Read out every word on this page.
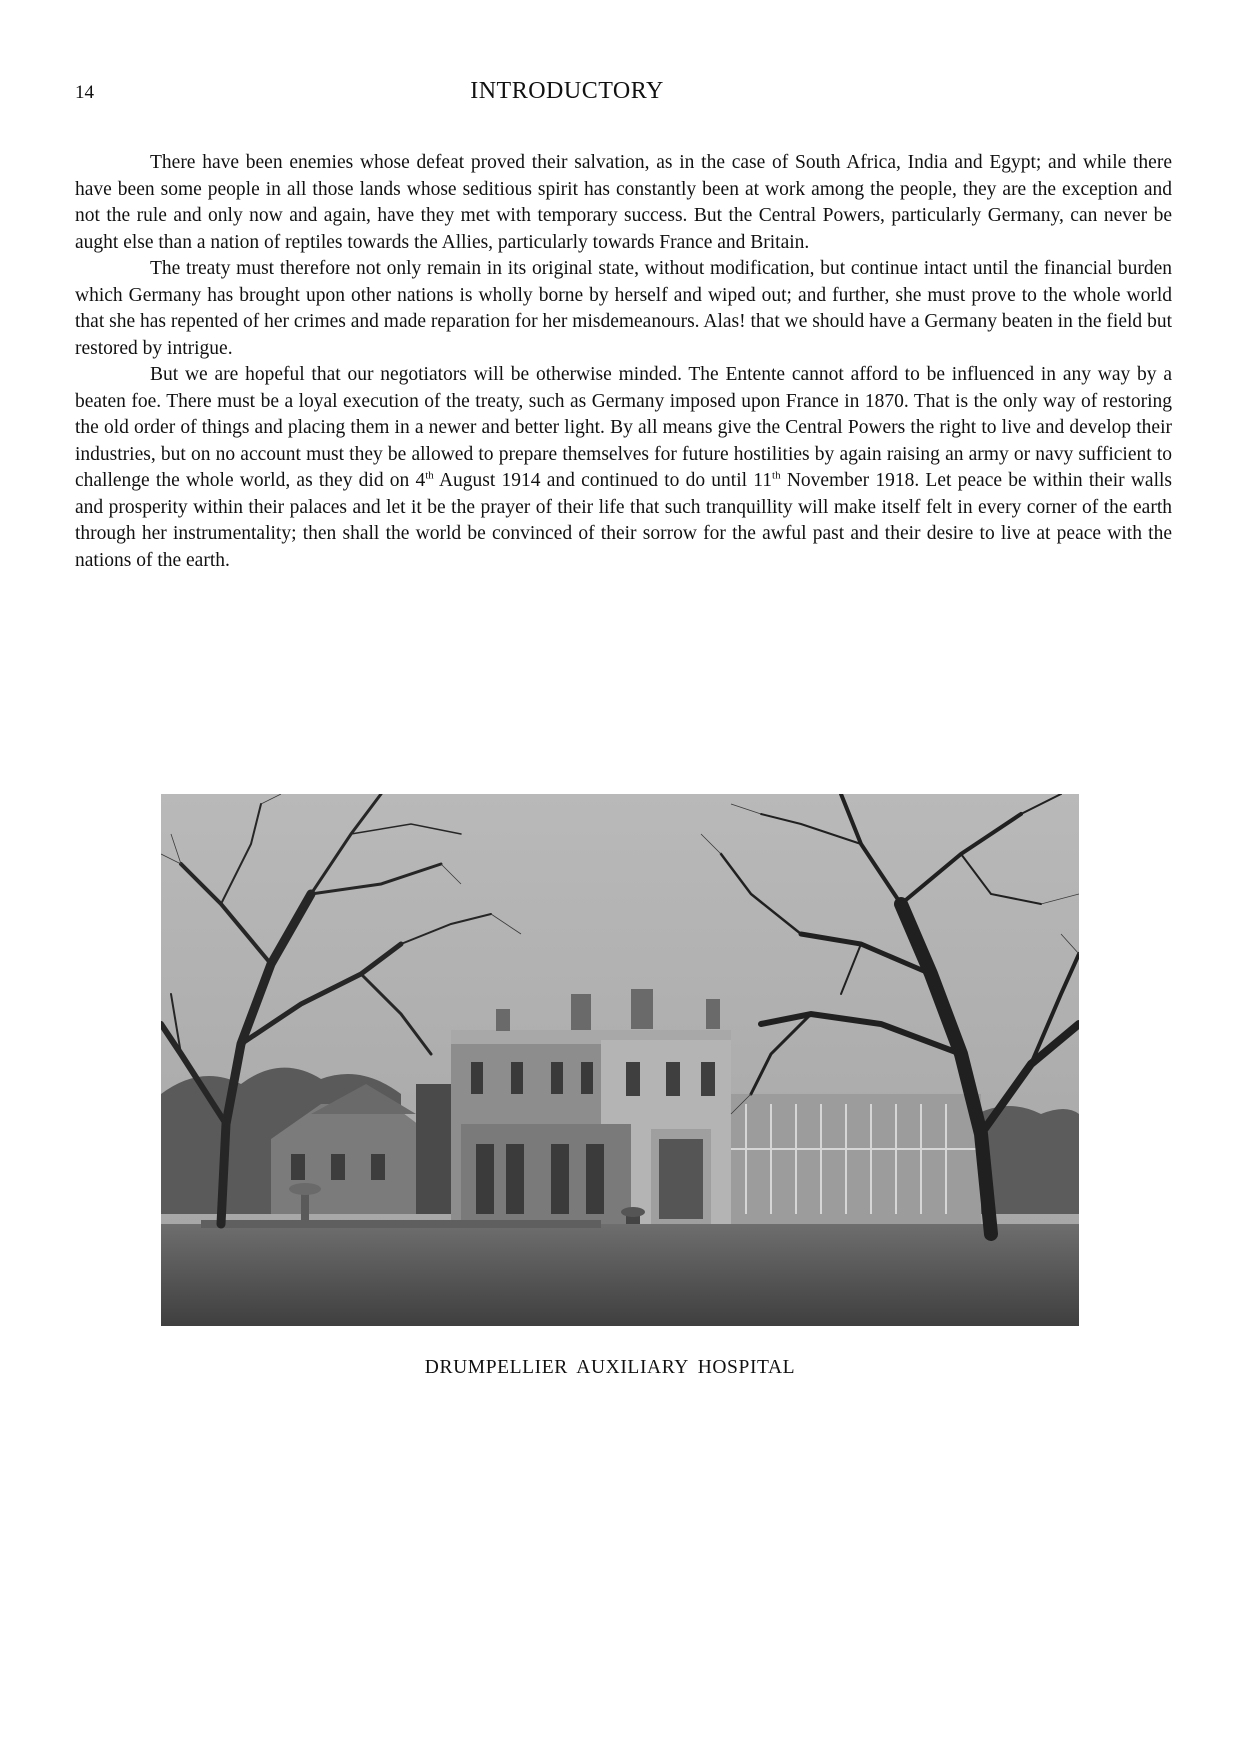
14	INTRODUCTORY

There have been enemies whose defeat proved their salvation, as in the case of South Africa, India and Egypt; and while there have been some people in all those lands whose seditious spirit has constantly been at work among the people, they are the exception and not the rule and only now and again, have they met with temporary success. But the Central Powers, particularly Germany, can never be aught else than a nation of reptiles towards the Allies, particularly towards France and Britain.

The treaty must therefore not only remain in its original state, without modification, but continue intact until the financial burden which Germany has brought upon other nations is wholly borne by herself and wiped out; and further, she must prove to the whole world that she has repented of her crimes and made reparation for her misdemeanours. Alas! that we should have a Germany beaten in the field but restored by intrigue.

But we are hopeful that our negotiators will be otherwise minded. The Entente cannot afford to be influenced in any way by a beaten foe. There must be a loyal execution of the treaty, such as Germany imposed upon France in 1870. That is the only way of restoring the old order of things and placing them in a newer and better light. By all means give the Central Powers the right to live and develop their industries, but on no account must they be allowed to prepare themselves for future hostilities by again raising an army or navy sufficient to challenge the whole world, as they did on 4th August 1914 and continued to do until 11th November 1918. Let peace be within their walls and prosperity within their palaces and let it be the prayer of their life that such tranquillity will make itself felt in every corner of the earth through her instrumentality; then shall the world be convinced of their sorrow for the awful past and their desire to live at peace with the nations of the earth.

DRUMPELLIER AUXILIARY HOSPITAL
